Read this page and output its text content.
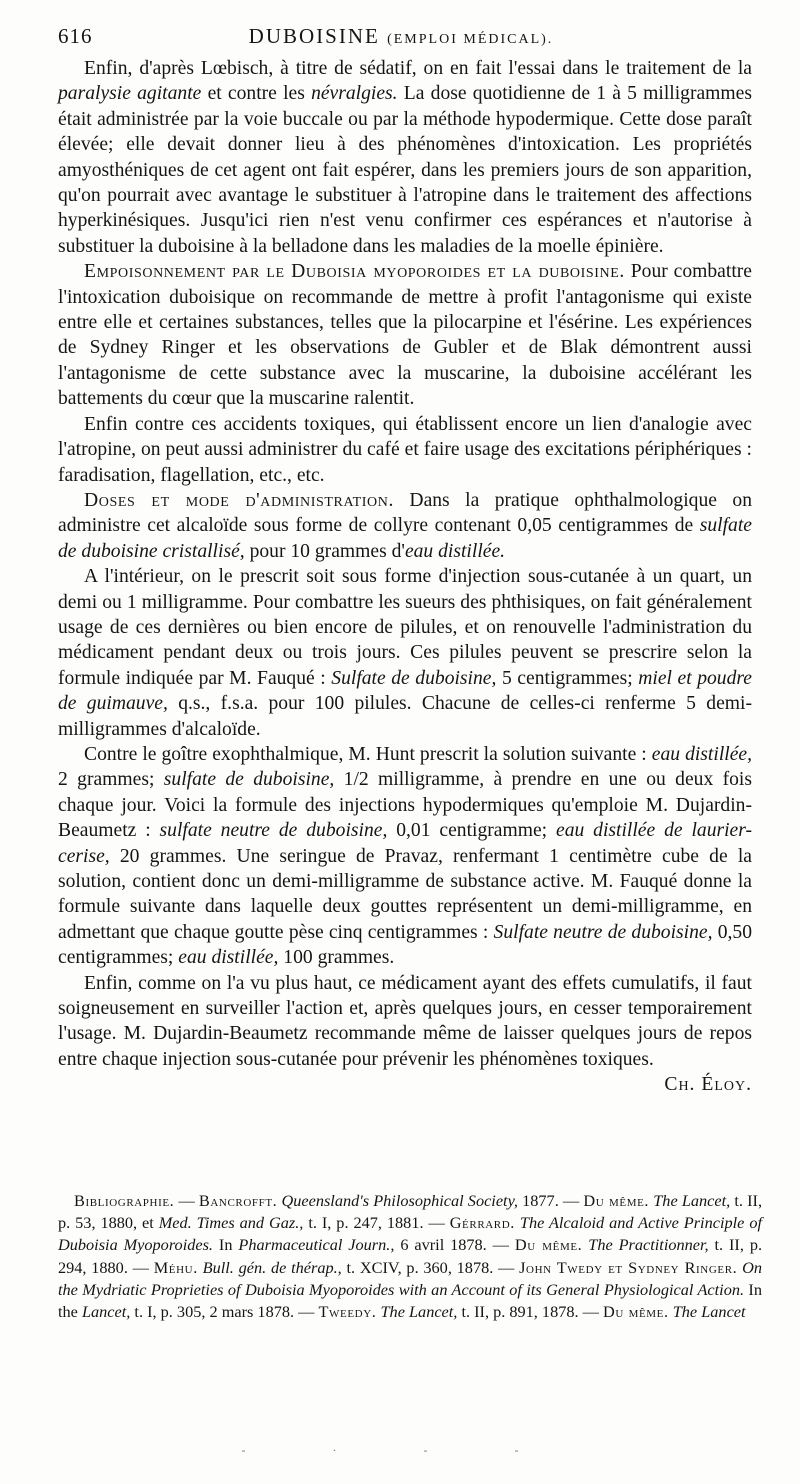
616	DUBOISINE (EMPLOI MÉDICAL).

Enfin, d'après Lœbisch, à titre de sédatif, on en fait l'essai dans le traitement de la paralysie agitante et contre les névralgies. La dose quotidienne de 1 à 5 milligrammes était administrée par la voie buccale ou par la méthode hypodermique. Cette dose paraît élevée; elle devait donner lieu à des phénomènes d'intoxication. Les propriétés amyosthéniques de cet agent ont fait espérer, dans les premiers jours de son apparition, qu'on pourrait avec avantage le substituer à l'atropine dans le traitement des affections hyperkinésiques. Jusqu'ici rien n'est venu confirmer ces espérances et n'autorise à substituer la duboisine à la belladone dans les maladies de la moelle épinière.

Empoisonnement par le Duboisia myoporoides et la duboisine. Pour combattre l'intoxication duboisique on recommande de mettre à profit l'antagonisme qui existe entre elle et certaines substances, telles que la pilocarpine et l'ésérine. Les expériences de Sydney Ringer et les observations de Gubler et de Blak démontrent aussi l'antagonisme de cette substance avec la muscarine, la duboisine accélérant les battements du cœur que la muscarine ralentit.

Enfin contre ces accidents toxiques, qui établissent encore un lien d'analogie avec l'atropine, on peut aussi administrer du café et faire usage des excitations périphériques : faradisation, flagellation, etc., etc.

Doses et mode d'administration. Dans la pratique ophthalmologique on administre cet alcaloïde sous forme de collyre contenant 0,05 centigrammes de sulfate de duboisine cristallisé, pour 10 grammes d'eau distillée.

A l'intérieur, on le prescrit soit sous forme d'injection sous-cutanée à un quart, un demi ou 1 milligramme. Pour combattre les sueurs des phthisiques, on fait généralement usage de ces dernières ou bien encore de pilules, et on renouvelle l'administration du médicament pendant deux ou trois jours. Ces pilules peuvent se prescrire selon la formule indiquée par M. Fauqué : Sulfate de duboisine, 5 centigrammes; miel et poudre de guimauve, q.s., f.s.a. pour 100 pilules. Chacune de celles-ci renferme 5 demi-milligrammes d'alcaloïde.

Contre le goître exophthalmique, M. Hunt prescrit la solution suivante : eau distillée, 2 grammes; sulfate de duboisine, 1/2 milligramme, à prendre en une ou deux fois chaque jour. Voici la formule des injections hypodermiques qu'emploie M. Dujardin-Beaumetz : sulfate neutre de duboisine, 0,01 centigramme; eau distillée de laurier-cerise, 20 grammes. Une seringue de Pravaz, renfermant 1 centimètre cube de la solution, contient donc un demi-milligramme de substance active. M. Fauqué donne la formule suivante dans laquelle deux gouttes représentent un demi-milligramme, en admettant que chaque goutte pèse cinq centigrammes : Sulfate neutre de duboisine, 0,50 centigrammes; eau distillée, 100 grammes.

Enfin, comme on l'a vu plus haut, ce médicament ayant des effets cumulatifs, il faut soigneusement en surveiller l'action et, après quelques jours, en cesser temporairement l'usage. M. Dujardin-Beaumetz recommande même de laisser quelques jours de repos entre chaque injection sous-cutanée pour prévenir les phénomènes toxiques.

Ch. Éloy.

Bibliographie. — Bancrofft. Queensland's Philosophical Society, 1877. — Du même. The Lancet, t. II, p. 53, 1880, et Med. Times and Gaz., t. I, p. 247, 1881. — Gérrard. The Alcaloid and Active Principle of Duboisia Myoporoides. In Pharmaceutical Journ., 6 avril 1878. — Du même. The Practitionner, t. II, p. 294, 1880. — Méhu. Bull. gén. de thérap., t. XCIV, p. 360, 1878. — John Twedy et Sydney Ringer. On the Mydriatic Proprieties of Duboisia Myoporoides with an Account of its General Physiological Action. In the Lancet, t. I, p. 305, 2 mars 1878. — Tweedy. The Lancet, t. II, p. 891, 1878. — Du même. The Lancet

- · - -
